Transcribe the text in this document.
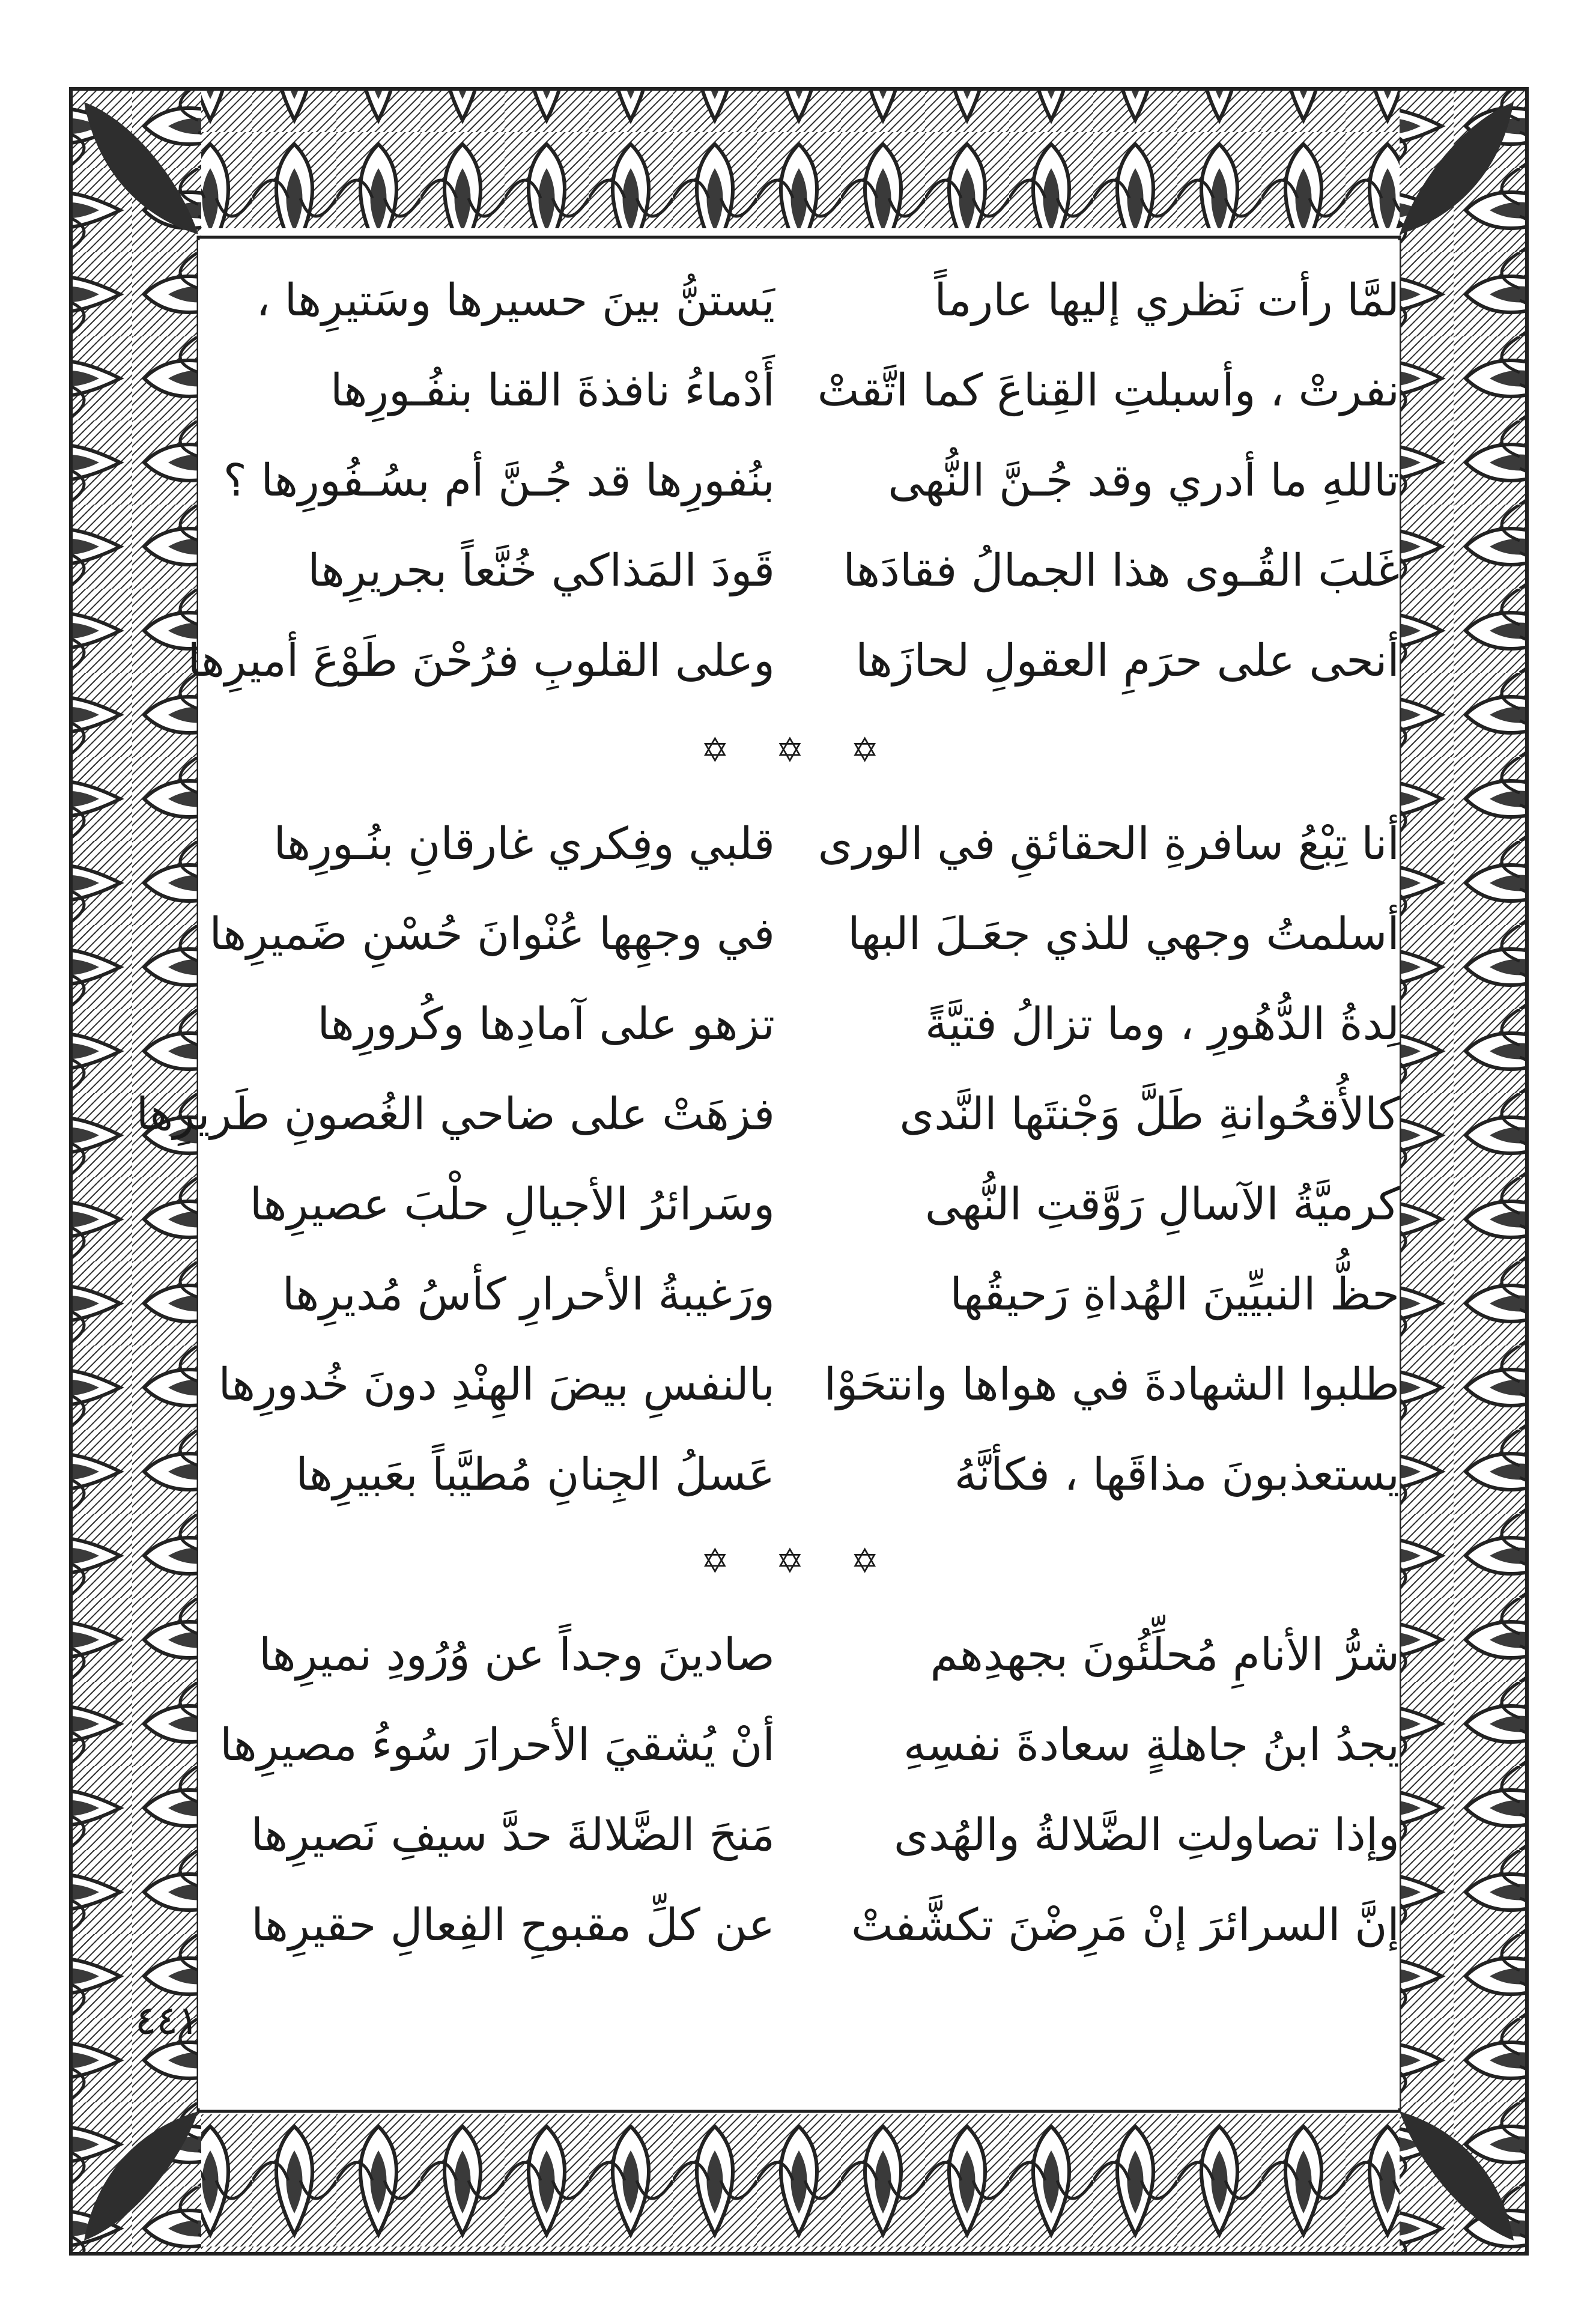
لمَّا رأت نَظري إليها عارماً
يَستنُّ بينَ حسيرها وسَتيرِها ،
نفرتْ ، وأسبلتِ القِناعَ كما اتَّقتْ
أَدْماءُ نافذةَ القنا بنفُـورِها
تاللهِ ما أدري وقد جُـنَّ النُّهى
بنُفورِها قد جُـنَّ أم بسُـفُورِها ؟
غَلبَ القُـوى هذا الجمالُ فقادَها
قَودَ المَذاكي خُنَّعاً بجريرِها
أنحى على حرَمِ العقولِ لحازَها
وعلى القلوبِ فرُحْنَ طَوْعَ أميرِها
✡ ✡ ✡
أنا تِبْعُ سافرةِ الحقائقِ في الورى
قلبي وفِكري غارقانِ بنُـورِها
أسلمتُ وجهي للذي جعَـلَ البها
في وجهِها عُنْوانَ حُسْنِ ضَميرِها
لِدةُ الدُّهُورِ ، وما تزالُ فتيَّةً
تزهو على آمادِها وكُرورِها
كالأُقحُوانةِ طَلَّ وَجْنتَها النَّدى
فزهَتْ على ضاحي الغُصونِ طَريرِها
كرميَّةُ الآسالِ رَوَّقتِ النُّهى
وسَرائرُ الأجيالِ حلْبَ عصيرِها
حظُّ النبيِّينَ الهُداةِ رَحيقُها
ورَغيبةُ الأحرارِ كأسُ مُديرِها
طلبوا الشهادةَ في هواها وانتحَوْا
بالنفسِ بيضَ الهِنْدِ دونَ خُدورِها
يستعذبونَ مذاقَها ، فكأنَّهُ
عَسلُ الجِنانِ مُطيَّباً بعَبيرِها
✡ ✡ ✡
شرُّ الأنامِ مُحلِّئُونَ بجهدِهم
صادينَ وجداً عن وُرُودِ نميرِها
يجدُ ابنُ جاهلةٍ سعادةَ نفسِهِ
أنْ يُشقيَ الأحرارَ سُوءُ مصيرِها
وإذا تصاولتِ الضَّلالةُ والهُدى
مَنحَ الضَّلالةَ حدَّ سيفِ نَصيرِها
إنَّ السرائرَ إنْ مَرِضْنَ تكشَّفتْ
عن كلِّ مقبوحِ الفِعالِ حقيرِها
٤٤١
